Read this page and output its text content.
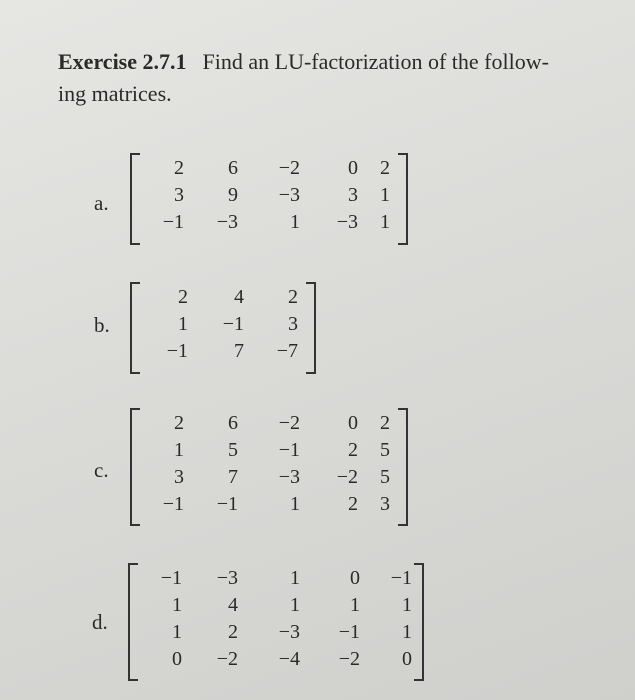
Exercise 2.7.1 Find an LU-factorization of the follow-
ing matrices.
a.
2	6	−2	0	2
3	9	−3	3	1
−1	−3	1	−3	1
b.
2	4	2
1	−1	3
−1	7	−7
c.
2	6	−2	0	2
1	5	−1	2	5
3	7	−3	−2	5
−1	−1	1	2	3
d.
−1	−3	1	0	−1
1	4	1	1	1
1	2	−3	−1	1
0	−2	−4	−2	0
